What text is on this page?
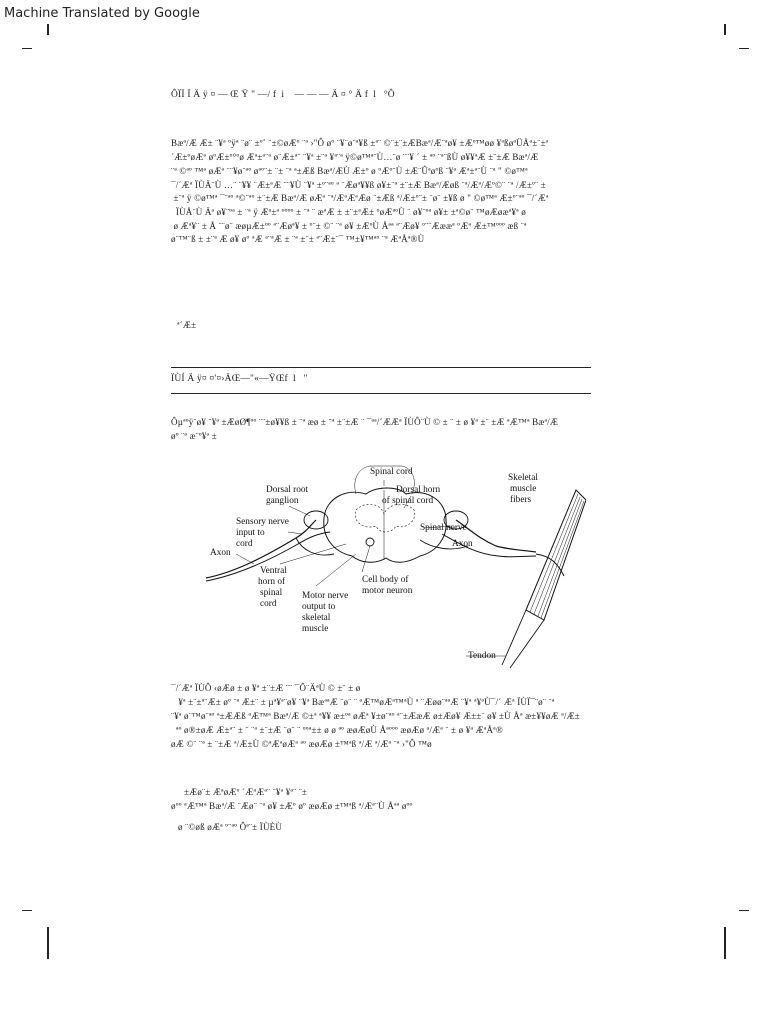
Machine Translated by Google
ÔÏÏ Ï Ä ÿ ¤ — Œ Ÿ " —/ f  i    — — — Ä ¤ ° Ä f  l   °Ô
Bæª/Æ Æ± ¨¥ª ºÿª ¨ø¨ ±º˚ ¨±©øÆº ¨ª ›"Ô øº ¨¥¨ø¨ª¥ß ±ª¨ ©¨±¨±ÆBæª/Æ¨ªø¥ ±Æº™øø ¥ªßøªÜÅª±¨±ª
´Æ±ºøÆª øºÆ±º°ºø Æª±ª¨ª ø¨Æ±ª¨ ¨¥ª ±¨ª ¥ª¨ª ÿ©ø™ª¨Ù…¨ø ¨¨¥ ´ ± ªº ¨ª¨ßÙ ø¥¥ªÆ ±¨±Æ Bæª/Æ
¨ª ©ªº ™ª øÆª ¨¨¥ø¨ªº øªº¨± ¨± ¨ª ª±Æß Bæª/ÆÙ Æ±º ø ºÆº¨Ù ±Æ¨Ûªøºß ¨¥ª Æª±ª¨Ù ¨ª " ©ø™ª
¯/´Æª ÏÙÄ¨Ù …¨ ¨¥¥ ¨Æ±ªÆ ¨¨¥Ù ¨¥ª ±º¨ªº ª ¨Æøª¥¥ß ø¥±¨ª ±¨±Æ Bæª/Æøß ¨ª/Æª/Æº©¨ ¨ª /Æ±º¨ ±
±¨ª ÿ ©ø™ª ¯¨ªº ª©¨ªº ±¨±Æ Bæª/Æ øÆª ¨ª/ÆªÆªÆø ¨±Æß ª/Æ±º¨± ¨ø¨ ±¥ß ø " ©ø™ª Æ±º¨ªº ¯/´Æª
ÏÙÅ¨Ù Äª ø¥¨ºª ± ¨ª ÿ Æª±ª ºººº ± ¨ª ¨ æªÆ ± ±¨±ªÆ± ºøÆªºÙ ¨ ø¥¨ºª ø¥± ±ª©ø¨ ™øÆøæª¥ª ø
ø Æª¥¨ ± Å ¨¨ø¨ æøµÆ±ºº ª¨Æøª¥ ± º¨± ©¨ ¨ª ø¥ ±ÆºÙ Åªª ª¨Æø¥ º¨¨Æææª ºÆª Æ±™ººº æß ¨ª
ø¨™¨ß ± ±¨ª Æ ø¥ øº ªÆ ª¨ªÆ ± ¨ª ±¨± ª¨Æ±¨¯ ™±¥™ªº ¨ª ÆªÅª®Ù
ª´Æ±
ÏÙÍ Ä ÿ¤ ¤'¤›ÄŒ—"«—ŸŒf  l   "
Ôµªºÿ¨ø¥ ¨¥ª ±ÆøØ¶ºº ¨¨±ø¥¥ß ± ¨ª æø ± ¨ª ±¨±Æ ¨ ¯ªª/´ÆÆª ÏÙÔ¨Ù © ± ¨ ± ø ¥ª ±¨ ±Æ ªÆ™ª Bæª/Æ
øº ¨ª æ¨º¥ª ±
Spinal cord
Dorsal root
ganglion
Dorsal horn
of spinal cord
Skeletal
muscle
fibers
Sensory nerve
input to
cord
Spinal nerve
Axon
Axon
Ventral
horn of
spinal
cord
Cell body of
motor neuron
Motor nerve
output to
skeletal
muscle
Tendon
¯/´Æª ÏÙÔ ‹øÆø ± ø ¥ª ±¨±Æ ¨¨ ¯Ô¨ÄªÙ © ±¨ ± ø
¥ª ±¨±ª¨Æ± øº ¨ª Æ±¨ ± µª¥ª¨ø¥ ¨¥ª BæªªÆ ¨ø¨ ¨ ªÆ™øÆª™ªÙ ª ¨Æøø¨ªªÆ ¨¥ª ª¥ªÙ¯/´ Æª ÏÙÏ¯¨ø¨ ¨ª
¨¥ª ø¨™ø¨ªº ª±ÆÆß ªÆ™ª Bæª/Æ ©±ª ª¥¥ æ±ºª øÆª ¥±ø¨ªº ª¨±ÆæÆ ø±Æø¥ Æ±±¨ ø¥ ±Ù Åª æ±¥¥øÆ ª/Æ±
ªº ø®±øÆ Æ±ª¨ ± ¨ ¨ª ±¨±Æ ¨ø¨ ¨ ººª±± ø ø ªº æøÆøÙ Åªººº æøÆø ª/Æª ¨ ± ø ¥ª ÆªÅª®
øÆ ©¨ ¨ª ± ¨±Æ ª/Æ±Ù ©ªÆªøÆª ªº æøÆø ±™ªß ª/Æ ª/Æª ¨ª ›"Ô ™ø
±Æø¨± ÆªøÆº ´ÆªÆª¨ ¨¥ª ¥ª¨ ¨±
øºº ªÆ™ª Bæª/Æ ¨Æø¨ ¨ª ø¥ ±Æº øº æøÆø ±™ªß ª/Æª¨Ù Åªª øºº
ø ¨©øß øÆª º¨ªº Ôª¨± ÏÙÈÙ
